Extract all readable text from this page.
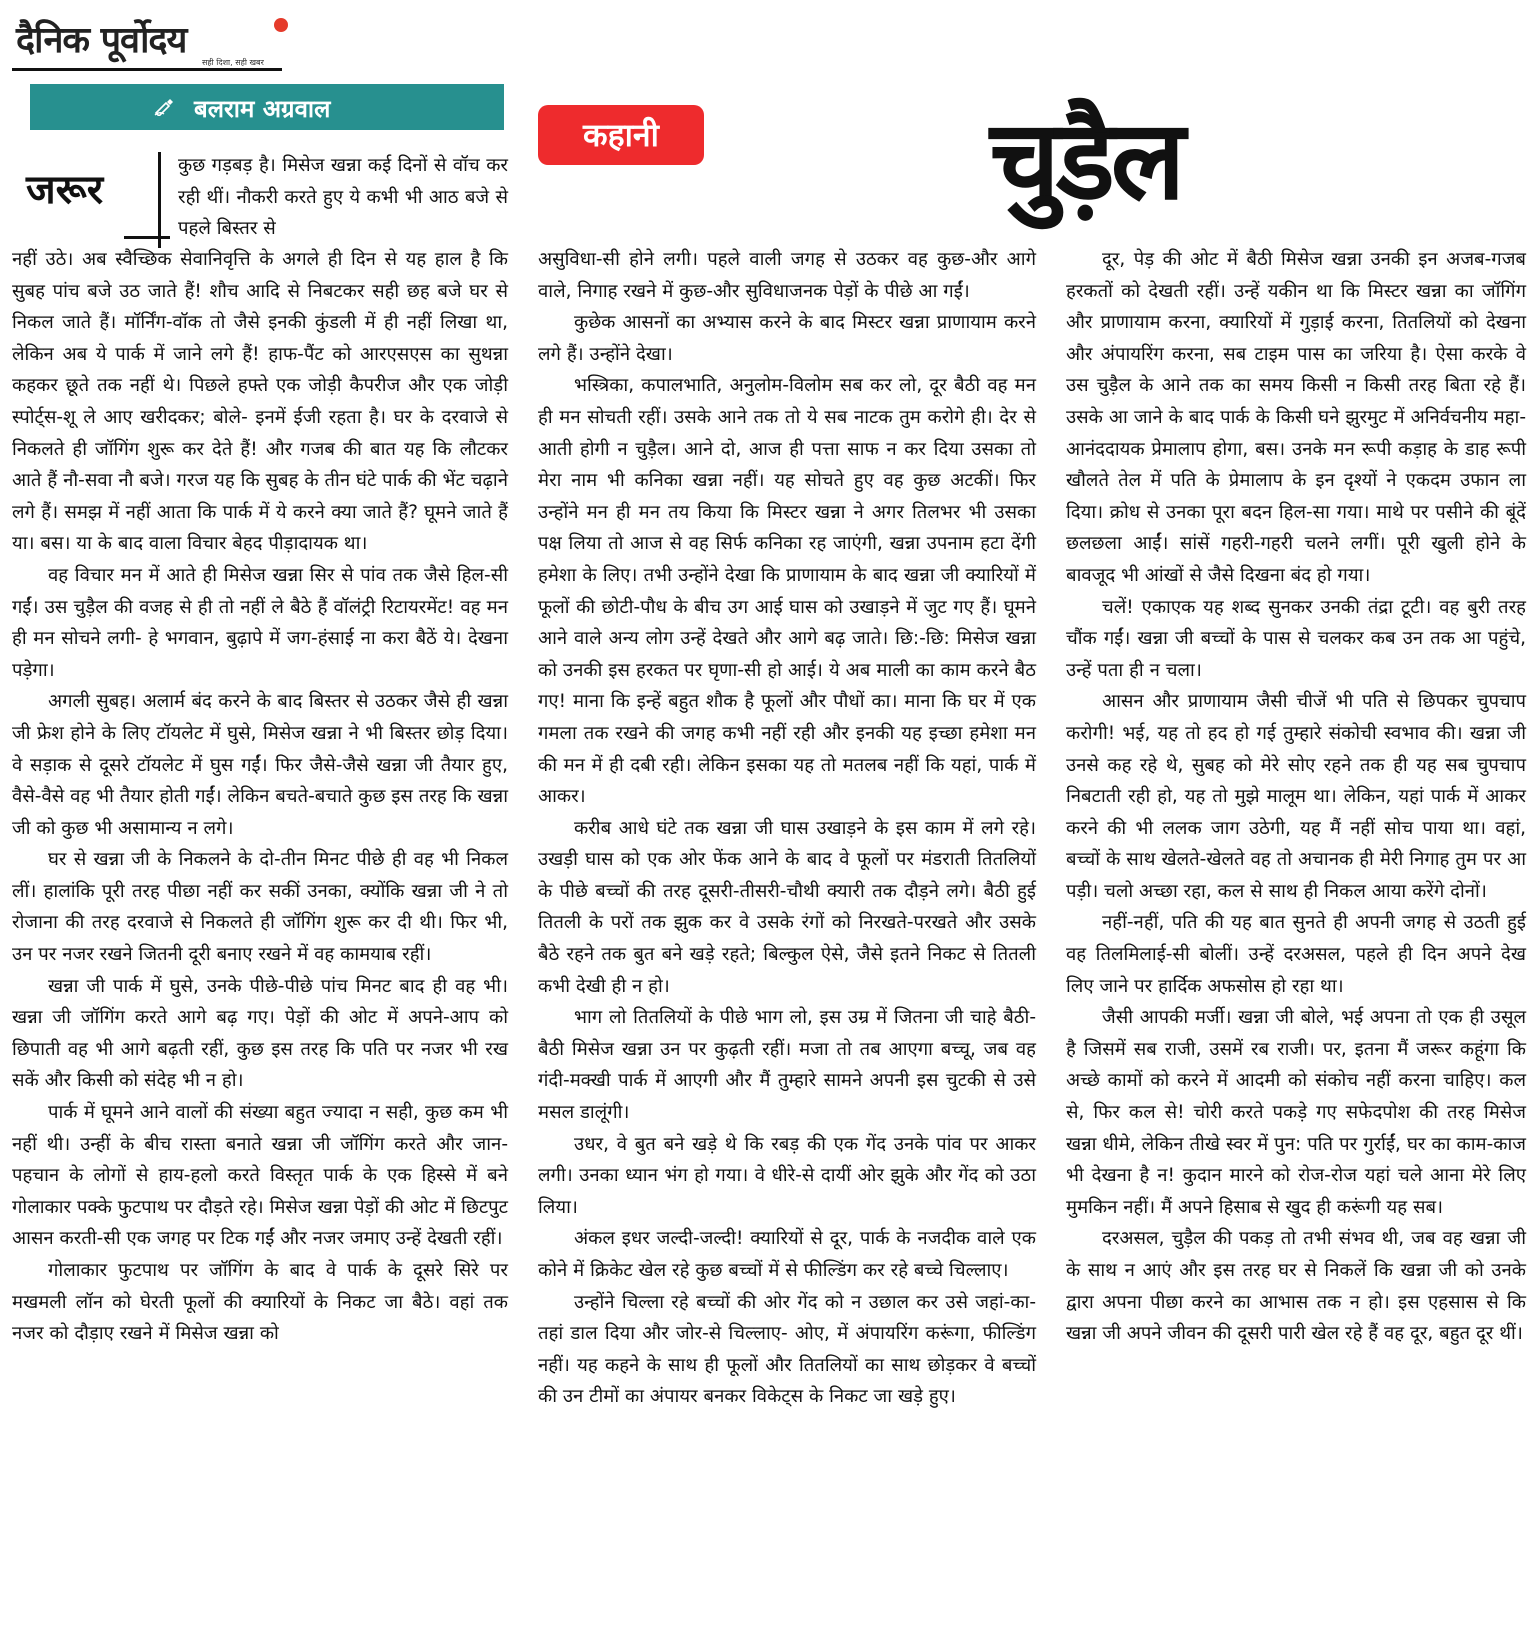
दैनिक पूर्वोदय
सही दिशा, सही खबर
बलराम अग्रवाल
कहानी	चुड़ैल
जरूर

कुछ गड़बड़ है। मिसेज खन्ना कई दिनों से वॉच कर रही थीं। नौकरी करते हुए ये कभी भी आठ बजे से पहले बिस्तर से

नहीं उठे। अब स्वैच्छिक सेवानिवृत्ति के अगले ही दिन से यह हाल है कि सुबह पांच बजे उठ जाते हैं! शौच आदि से निबटकर सही छह बजे घर से निकल जाते हैं। मॉर्निंग-वॉक तो जैसे इनकी कुंडली में ही नहीं लिखा था, लेकिन अब ये पार्क में जाने लगे हैं! हाफ-पैंट को आरएसएस का सुथन्ना कहकर छूते तक नहीं थे। पिछले हफ्ते एक जोड़ी कैपरीज और एक जोड़ी स्पोर्ट्स-शू ले आए खरीदकर; बोले- इनमें ईजी रहता है। घर के दरवाजे से निकलते ही जॉगिंग शुरू कर देते हैं! और गजब की बात यह कि लौटकर आते हैं नौ-सवा नौ बजे। गरज यह कि सुबह के तीन घंटे पार्क की भेंट चढ़ाने लगे हैं। समझ में नहीं आता कि पार्क में ये करने क्या जाते हैं? घूमने जाते हैं या। बस। या के बाद वाला विचार बेहद पीड़ादायक था।

वह विचार मन में आते ही मिसेज खन्ना सिर से पांव तक जैसे हिल-सी गईं। उस चुड़ैल की वजह से ही तो नहीं ले बैठे हैं वॉलंट्री रिटायरमेंट! वह मन ही मन सोचने लगी- हे भगवान, बुढ़ापे में जग-हंसाई ना करा बैठें ये। देखना पड़ेगा।

अगली सुबह। अलार्म बंद करने के बाद बिस्तर से उठकर जैसे ही खन्ना जी फ्रेश होने के लिए टॉयलेट में घुसे, मिसेज खन्ना ने भी बिस्तर छोड़ दिया। वे सड़ाक से दूसरे टॉयलेट में घुस गईं। फिर जैसे-जैसे खन्ना जी तैयार हुए, वैसे-वैसे वह भी तैयार होती गईं। लेकिन बचते-बचाते कुछ इस तरह कि खन्ना जी को कुछ भी असामान्य न लगे।

घर से खन्ना जी के निकलने के दो-तीन मिनट पीछे ही वह भी निकल लीं। हालांकि पूरी तरह पीछा नहीं कर सकीं उनका, क्योंकि खन्ना जी ने तो रोजाना की तरह दरवाजे से निकलते ही जॉगिंग शुरू कर दी थी। फिर भी, उन पर नजर रखने जितनी दूरी बनाए रखने में वह कामयाब रहीं।

खन्ना जी पार्क में घुसे, उनके पीछे-पीछे पांच मिनट बाद ही वह भी। खन्ना जी जॉगिंग करते आगे बढ़ गए। पेड़ों की ओट में अपने-आप को छिपाती वह भी आगे बढ़ती रहीं, कुछ इस तरह कि पति पर नजर भी रख सकें और किसी को संदेह भी न हो।

पार्क में घूमने आने वालों की संख्या बहुत ज्यादा न सही, कुछ कम भी नहीं थी। उन्हीं के बीच रास्ता बनाते खन्ना जी जॉगिंग करते और जान-पहचान के लोगों से हाय-हलो करते विस्तृत पार्क के एक हिस्से में बने गोलाकार पक्के फुटपाथ पर दौड़ते रहे। मिसेज खन्ना पेड़ों की ओट में छिटपुट आसन करती-सी एक जगह पर टिक गईं और नजर जमाए उन्हें देखती रहीं।

गोलाकार फुटपाथ पर जॉगिंग के बाद वे पार्क के दूसरे सिरे पर मखमली लॉन को घेरती फूलों की क्यारियों के निकट जा बैठे। वहां तक नजर को दौड़ाए रखने में मिसेज खन्ना को

असुविधा-सी होने लगी। पहले वाली जगह से उठकर वह कुछ-और आगे वाले, निगाह रखने में कुछ-और सुविधाजनक पेड़ों के पीछे आ गईं।

कुछेक आसनों का अभ्यास करने के बाद मिस्टर खन्ना प्राणायाम करने लगे हैं। उन्होंने देखा।

भस्त्रिका, कपालभाति, अनुलोम-विलोम सब कर लो, दूर बैठी वह मन ही मन सोचती रहीं। उसके आने तक तो ये सब नाटक तुम करोगे ही। देर से आती होगी न चुड़ैल। आने दो, आज ही पत्ता साफ न कर दिया उसका तो मेरा नाम भी कनिका खन्ना नहीं। यह सोचते हुए वह कुछ अटकीं। फिर उन्होंने मन ही मन तय किया कि मिस्टर खन्ना ने अगर तिलभर भी उसका पक्ष लिया तो आज से वह सिर्फ कनिका रह जाएंगी, खन्ना उपनाम हटा देंगी हमेशा के लिए। तभी उन्होंने देखा कि प्राणायाम के बाद खन्ना जी क्यारियों में फूलों की छोटी-पौध के बीच उग आई घास को उखाड़ने में जुट गए हैं। घूमने आने वाले अन्य लोग उन्हें देखते और आगे बढ़ जाते। छि:-छि: मिसेज खन्ना को उनकी इस हरकत पर घृणा-सी हो आई। ये अब माली का काम करने बैठ गए! माना कि इन्हें बहुत शौक है फूलों और पौधों का। माना कि घर में एक गमला तक रखने की जगह कभी नहीं रही और इनकी यह इच्छा हमेशा मन की मन में ही दबी रही। लेकिन इसका यह तो मतलब नहीं कि यहां, पार्क में आकर।

करीब आधे घंटे तक खन्ना जी घास उखाड़ने के इस काम में लगे रहे। उखड़ी घास को एक ओर फेंक आने के बाद वे फूलों पर मंडराती तितलियों के पीछे बच्चों की तरह दूसरी-तीसरी-चौथी क्यारी तक दौड़ने लगे। बैठी हुई तितली के परों तक झुक कर वे उसके रंगों को निरखते-परखते और उसके बैठे रहने तक बुत बने खड़े रहते; बिल्कुल ऐसे, जैसे इतने निकट से तितली कभी देखी ही न हो।

भाग लो तितलियों के पीछे भाग लो, इस उम्र में जितना जी चाहे बैठी-बैठी मिसेज खन्ना उन पर कुढ़ती रहीं। मजा तो तब आएगा बच्चू, जब वह गंदी-मक्खी पार्क में आएगी और मैं तुम्हारे सामने अपनी इस चुटकी से उसे मसल डालूंगी।

उधर, वे बुत बने खड़े थे कि रबड़ की एक गेंद उनके पांव पर आकर लगी। उनका ध्यान भंग हो गया। वे धीरे-से दायीं ओर झुके और गेंद को उठा लिया।

अंकल इधर जल्दी-जल्दी! क्यारियों से दूर, पार्क के नजदीक वाले एक कोने में क्रिकेट खेल रहे कुछ बच्चों में से फील्डिंग कर रहे बच्चे चिल्लाए।

उन्होंने चिल्ला रहे बच्चों की ओर गेंद को न उछाल कर उसे जहां-का-तहां डाल दिया और जोर-से चिल्लाए- ओए, में अंपायरिंग करूंगा, फील्डिंग नहीं। यह कहने के साथ ही फूलों और तितलियों का साथ छोड़कर वे बच्चों की उन टीमों का अंपायर बनकर विकेट्स के निकट जा खड़े हुए।

दूर, पेड़ की ओट में बैठी मिसेज खन्ना उनकी इन अजब-गजब हरकतों को देखती रहीं। उन्हें यकीन था कि मिस्टर खन्ना का जॉगिंग और प्राणायाम करना, क्यारियों में गुड़ाई करना, तितलियों को देखना और अंपायरिंग करना, सब टाइम पास का जरिया है। ऐसा करके वे उस चुड़ैल के आने तक का समय किसी न किसी तरह बिता रहे हैं। उसके आ जाने के बाद पार्क के किसी घने झुरमुट में अनिर्वचनीय महा-आनंददायक प्रेमालाप होगा, बस। उनके मन रूपी कड़ाह के डाह रूपी खौलते तेल में पति के प्रेमालाप के इन दृश्यों ने एकदम उफान ला दिया। क्रोध से उनका पूरा बदन हिल-सा गया। माथे पर पसीने की बूंदें छलछला आईं। सांसें गहरी-गहरी चलने लगीं। पूरी खुली होने के बावजूद भी आंखों से जैसे दिखना बंद हो गया।

चलें! एकाएक यह शब्द सुनकर उनकी तंद्रा टूटी। वह बुरी तरह चौंक गईं। खन्ना जी बच्चों के पास से चलकर कब उन तक आ पहुंचे, उन्हें पता ही न चला।

आसन और प्राणायाम जैसी चीजें भी पति से छिपकर चुपचाप करोगी! भई, यह तो हद हो गई तुम्हारे संकोची स्वभाव की। खन्ना जी उनसे कह रहे थे, सुबह को मेरे सोए रहने तक ही यह सब चुपचाप निबटाती रही हो, यह तो मुझे मालूम था। लेकिन, यहां पार्क में आकर करने की भी ललक जाग उठेगी, यह मैं नहीं सोच पाया था। वहां, बच्चों के साथ खेलते-खेलते वह तो अचानक ही मेरी निगाह तुम पर आ पड़ी। चलो अच्छा रहा, कल से साथ ही निकल आया करेंगे दोनों।

नहीं-नहीं, पति की यह बात सुनते ही अपनी जगह से उठती हुई वह तिलमिलाई-सी बोलीं। उन्हें दरअसल, पहले ही दिन अपने देख लिए जाने पर हार्दिक अफसोस हो रहा था।

जैसी आपकी मर्जी। खन्ना जी बोले, भई अपना तो एक ही उसूल है जिसमें सब राजी, उसमें रब राजी। पर, इतना मैं जरूर कहूंगा कि अच्छे कामों को करने में आदमी को संकोच नहीं करना चाहिए। कल से, फिर कल से! चोरी करते पकड़े गए सफेदपोश की तरह मिसेज खन्ना धीमे, लेकिन तीखे स्वर में पुन: पति पर गुर्राईं, घर का काम-काज भी देखना है न! कुदान मारने को रोज-रोज यहां चले आना मेरे लिए मुमकिन नहीं। मैं अपने हिसाब से खुद ही करूंगी यह सब।

दरअसल, चुड़ैल की पकड़ तो तभी संभव थी, जब वह खन्ना जी के साथ न आएं और इस तरह घर से निकलें कि खन्ना जी को उनके द्वारा अपना पीछा करने का आभास तक न हो। इस एहसास से कि खन्ना जी अपने जीवन की दूसरी पारी खेल रहे हैं वह दूर, बहुत दूर थीं।
